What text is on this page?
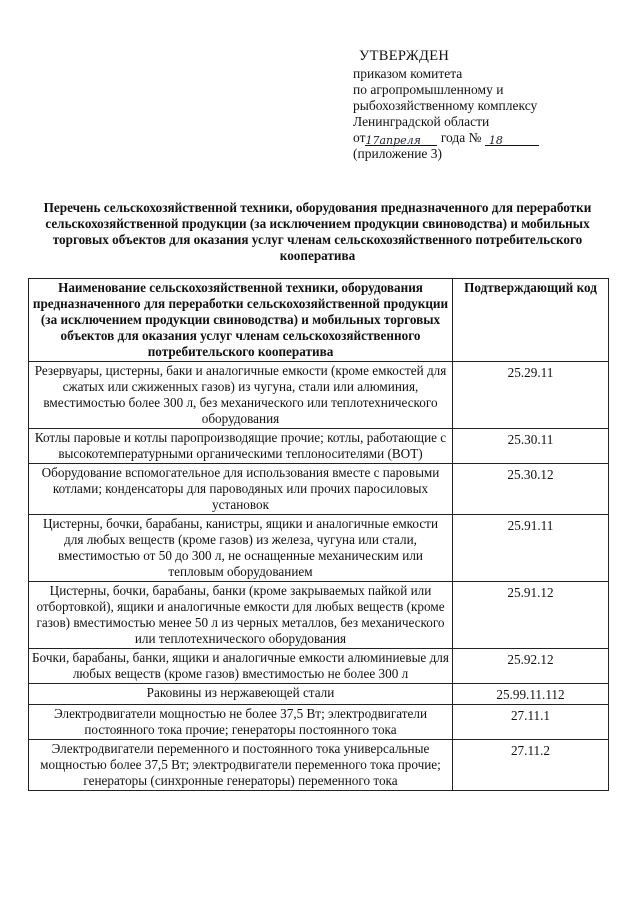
УТВЕРЖДЕН
приказом комитета
по агропромышленному и
рыбохозяйственному комплексу
Ленинградской области
от17апреля года № 18
(приложение 3)
Перечень сельскохозяйственной техники, оборудования предназначенного для переработки сельскохозяйственной продукции (за исключением продукции свиноводства) и мобильных торговых объектов для оказания услуг членам сельскохозяйственного потребительского кооператива
Наименование сельскохозяйственной техники, оборудования предназначенного для переработки сельскохозяйственной продукции (за исключением продукции свиноводства) и мобильных торговых объектов для оказания услуг членам сельскохозяйственного потребительского кооператива	Подтверждающий код
Резервуары, цистерны, баки и аналогичные емкости (кроме емкостей для сжатых или сжиженных газов) из чугуна, стали или алюминия, вместимостью более 300 л, без механического или теплотехнического оборудования	25.29.11
Котлы паровые и котлы паропроизводящие прочие; котлы, работающие с высокотемпературными органическими теплоносителями (ВОТ)	25.30.11
Оборудование вспомогательное для использования вместе с паровыми котлами; конденсаторы для пароводяных или прочих паросиловых установок	25.30.12
Цистерны, бочки, барабаны, канистры, ящики и аналогичные емкости для любых веществ (кроме газов) из железа, чугуна или стали, вместимостью от 50 до 300 л, не оснащенные механическим или тепловым оборудованием	25.91.11
Цистерны, бочки, барабаны, банки (кроме закрываемых пайкой или отбортовкой), ящики и аналогичные емкости для любых веществ (кроме газов) вместимостью менее 50 л из черных металлов, без механического или теплотехнического оборудования	25.91.12
Бочки, барабаны, банки, ящики и аналогичные емкости алюминиевые для любых веществ (кроме газов) вместимостью не более 300 л	25.92.12
Раковины из нержавеющей стали	25.99.11.112
Электродвигатели мощностью не более 37,5 Вт; электродвигатели постоянного тока прочие; генераторы постоянного тока	27.11.1
Электродвигатели переменного и постоянного тока универсальные мощностью более 37,5 Вт; электродвигатели переменного тока прочие; генераторы (синхронные генераторы) переменного тока	27.11.2
